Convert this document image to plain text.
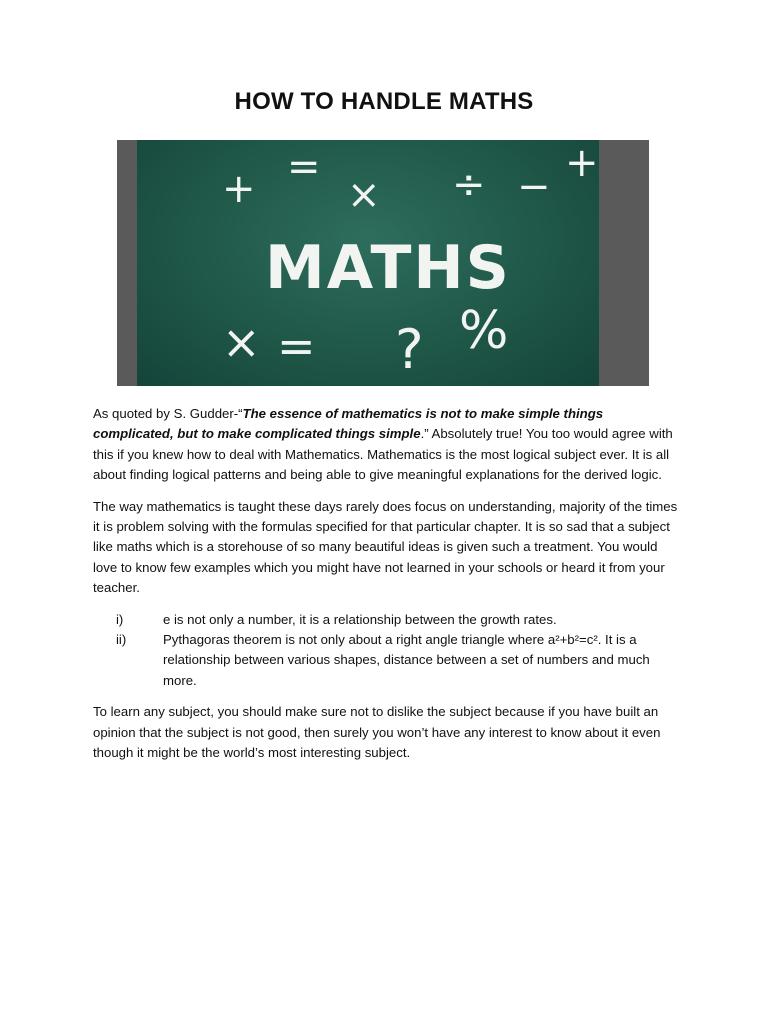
HOW TO HANDLE MATHS
+ =
× ÷ −
+
MATHS
× = ? %

As quoted by S. Gudder-“The essence of mathematics is not to make simple things complicated, but to make complicated things simple.” Absolutely true! You too would agree with this if you knew how to deal with Mathematics. Mathematics is the most logical subject ever. It is all about finding logical patterns and being able to give meaningful explanations for the derived logic.

The way mathematics is taught these days rarely does focus on understanding, majority of the times it is problem solving with the formulas specified for that particular chapter. It is so sad that a subject like maths which is a storehouse of so many beautiful ideas is given such a treatment. You would love to know few examples which you might have not learned in your schools or heard it from your teacher.

i)	e is not only a number, it is a relationship between the growth rates.
ii)	Pythagoras theorem is not only about a right angle triangle where a²+b²=c². It is a relationship between various shapes, distance between a set of numbers and much more.

To learn any subject, you should make sure not to dislike the subject because if you have built an opinion that the subject is not good, then surely you won’t have any interest to know about it even though it might be the world’s most interesting subject.
